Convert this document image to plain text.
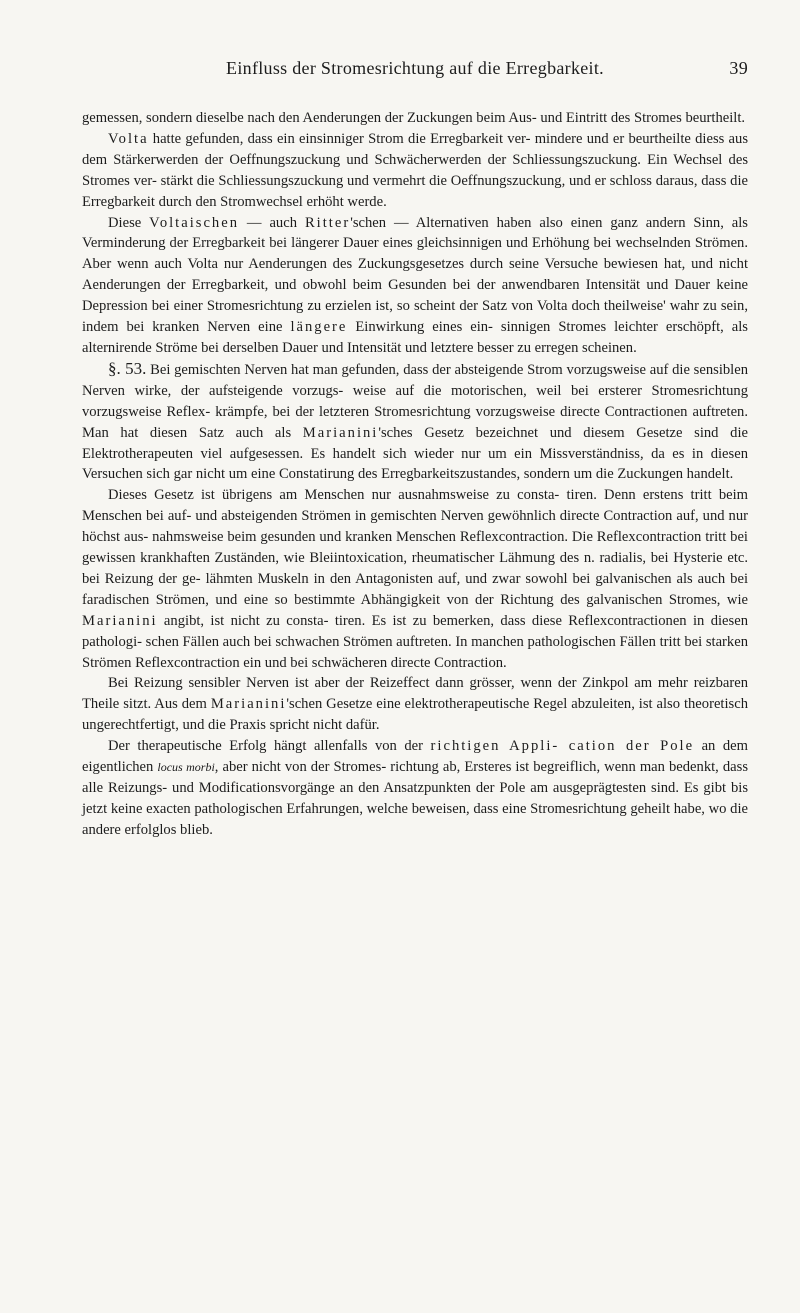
Einfluss der Stromesrichtung auf die Erregbarkeit.	39

gemessen, sondern dieselbe nach den Aenderungen der Zuckungen beim Aus- und Eintritt des Stromes beurtheilt.

Volta hatte gefunden, dass ein einsinniger Strom die Erregbarkeit ver- mindere und er beurtheilte diess aus dem Stärkerwerden der Oeffnungszuckung und Schwächerwerden der Schliessungszuckung. Ein Wechsel des Stromes ver- stärkt die Schliessungszuckung und vermehrt die Oeffnungszuckung, und er schloss daraus, dass die Erregbarkeit durch den Stromwechsel erhöht werde.

Diese Voltaischen — auch Ritter'schen — Alternativen haben also einen ganz andern Sinn, als Verminderung der Erregbarkeit bei längerer Dauer eines gleichsinnigen und Erhöhung bei wechselnden Strömen. Aber wenn auch Volta nur Aenderungen des Zuckungsgesetzes durch seine Versuche bewiesen hat, und nicht Aenderungen der Erregbarkeit, und obwohl beim Gesunden bei der anwendbaren Intensität und Dauer keine Depression bei einer Stromesrichtung zu erzielen ist, so scheint der Satz von Volta doch theilweise' wahr zu sein, indem bei kranken Nerven eine längere Einwirkung eines ein- sinnigen Stromes leichter erschöpft, als alternirende Ströme bei derselben Dauer und Intensität und letztere besser zu erregen scheinen.

§. 53. Bei gemischten Nerven hat man gefunden, dass der absteigende Strom vorzugsweise auf die sensiblen Nerven wirke, der aufsteigende vorzugs- weise auf die motorischen, weil bei ersterer Stromesrichtung vorzugsweise Reflex- krämpfe, bei der letzteren Stromesrichtung vorzugsweise directe Contractionen auftreten. Man hat diesen Satz auch als Marianini'sches Gesetz bezeichnet und diesem Gesetze sind die Elektrotherapeuten viel aufgesessen. Es handelt sich wieder nur um ein Missverständniss, da es in diesen Versuchen sich gar nicht um eine Constatirung des Erregbarkeitszustandes, sondern um die Zuckungen handelt.

Dieses Gesetz ist übrigens am Menschen nur ausnahmsweise zu consta- tiren. Denn erstens tritt beim Menschen bei auf- und absteigenden Strömen in gemischten Nerven gewöhnlich directe Contraction auf, und nur höchst aus- nahmsweise beim gesunden und kranken Menschen Reflexcontraction. Die Reflexcontraction tritt bei gewissen krankhaften Zuständen, wie Bleiintoxication, rheumatischer Lähmung des n. radialis, bei Hysterie etc. bei Reizung der ge- lähmten Muskeln in den Antagonisten auf, und zwar sowohl bei galvanischen als auch bei faradischen Strömen, und eine so bestimmte Abhängigkeit von der Richtung des galvanischen Stromes, wie Marianini angibt, ist nicht zu consta- tiren. Es ist zu bemerken, dass diese Reflexcontractionen in diesen pathologi- schen Fällen auch bei schwachen Strömen auftreten. In manchen pathologischen Fällen tritt bei starken Strömen Reflexcontraction ein und bei schwächeren directe Contraction.

Bei Reizung sensibler Nerven ist aber der Reizeffect dann grösser, wenn der Zinkpol am mehr reizbaren Theile sitzt. Aus dem Marianini'schen Gesetze eine elektrotherapeutische Regel abzuleiten, ist also theoretisch ungerechtfertigt, und die Praxis spricht nicht dafür.

Der therapeutische Erfolg hängt allenfalls von der richtigen Appli- cation der Pole an dem eigentlichen locus morbi, aber nicht von der Stromes- richtung ab, Ersteres ist begreiflich, wenn man bedenkt, dass alle Reizungs- und Modificationsvorgänge an den Ansatzpunkten der Pole am ausgeprägtesten sind. Es gibt bis jetzt keine exacten pathologischen Erfahrungen, welche beweisen, dass eine Stromesrichtung geheilt habe, wo die andere erfolglos blieb.
